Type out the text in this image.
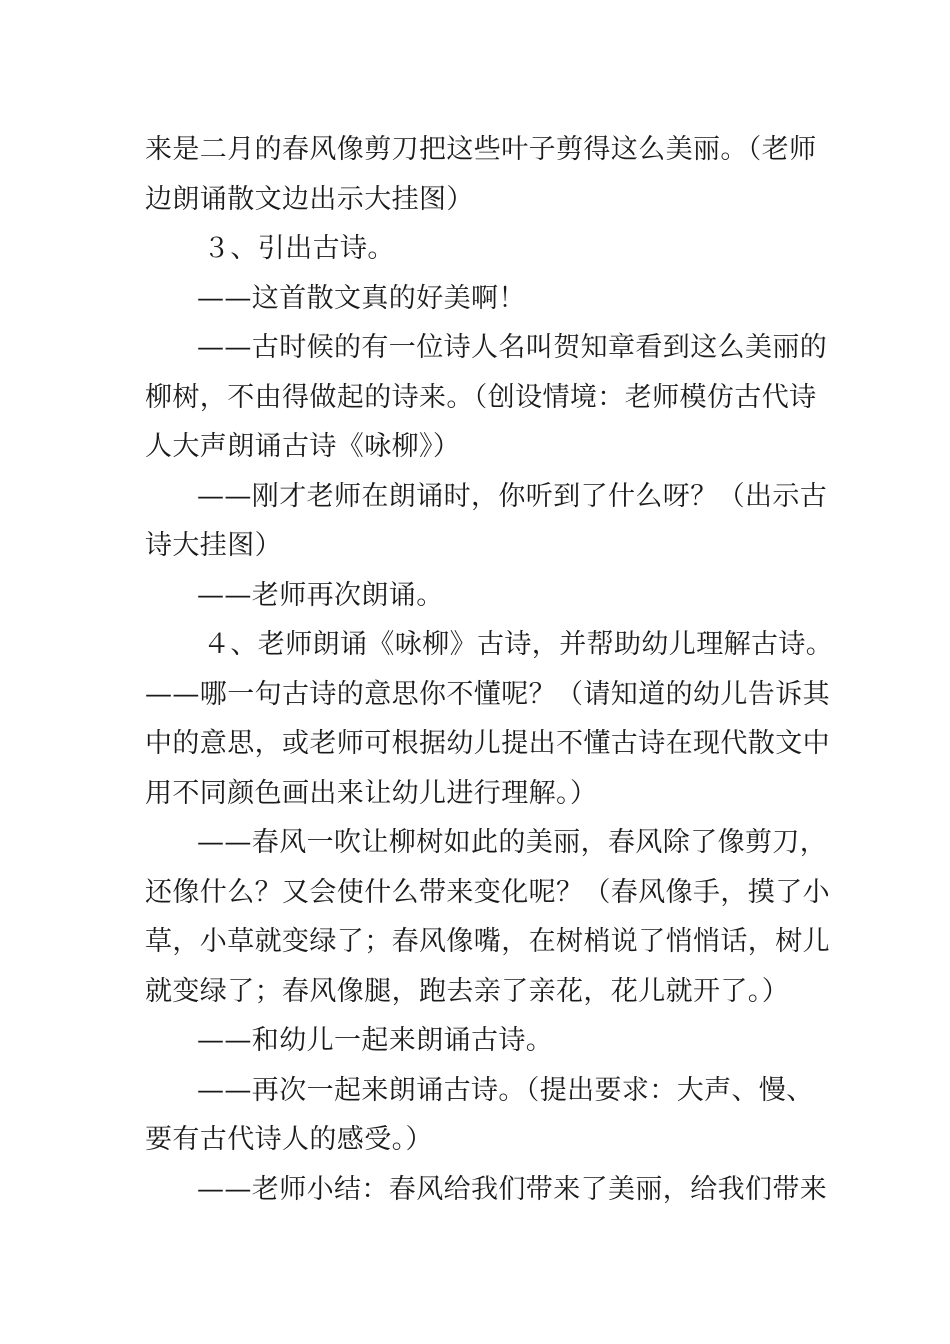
来是二月的春风像剪刀把这些叶子剪得这么美丽。（老师
边朗诵散文边出示大挂图）
３、引出古诗。
——这首散文真的好美啊！
——古时候的有一位诗人名叫贺知章看到这么美丽的
柳树，不由得做起的诗来。（创设情境：老师模仿古代诗
人大声朗诵古诗《咏柳》）
——刚才老师在朗诵时，你听到了什么呀？（出示古
诗大挂图）
——老师再次朗诵。
４、老师朗诵《咏柳》古诗，并帮助幼儿理解古诗。
——哪一句古诗的意思你不懂呢？（请知道的幼儿告诉其
中的意思，或老师可根据幼儿提出不懂古诗在现代散文中
用不同颜色画出来让幼儿进行理解。）
——春风一吹让柳树如此的美丽，春风除了像剪刀，
还像什么？又会使什么带来变化呢？（春风像手，摸了小
草，小草就变绿了；春风像嘴，在树梢说了悄悄话，树儿
就变绿了；春风像腿，跑去亲了亲花，花儿就开了。）
——和幼儿一起来朗诵古诗。
——再次一起来朗诵古诗。（提出要求：大声、慢、
要有古代诗人的感受。）
——老师小结：春风给我们带来了美丽，给我们带来
